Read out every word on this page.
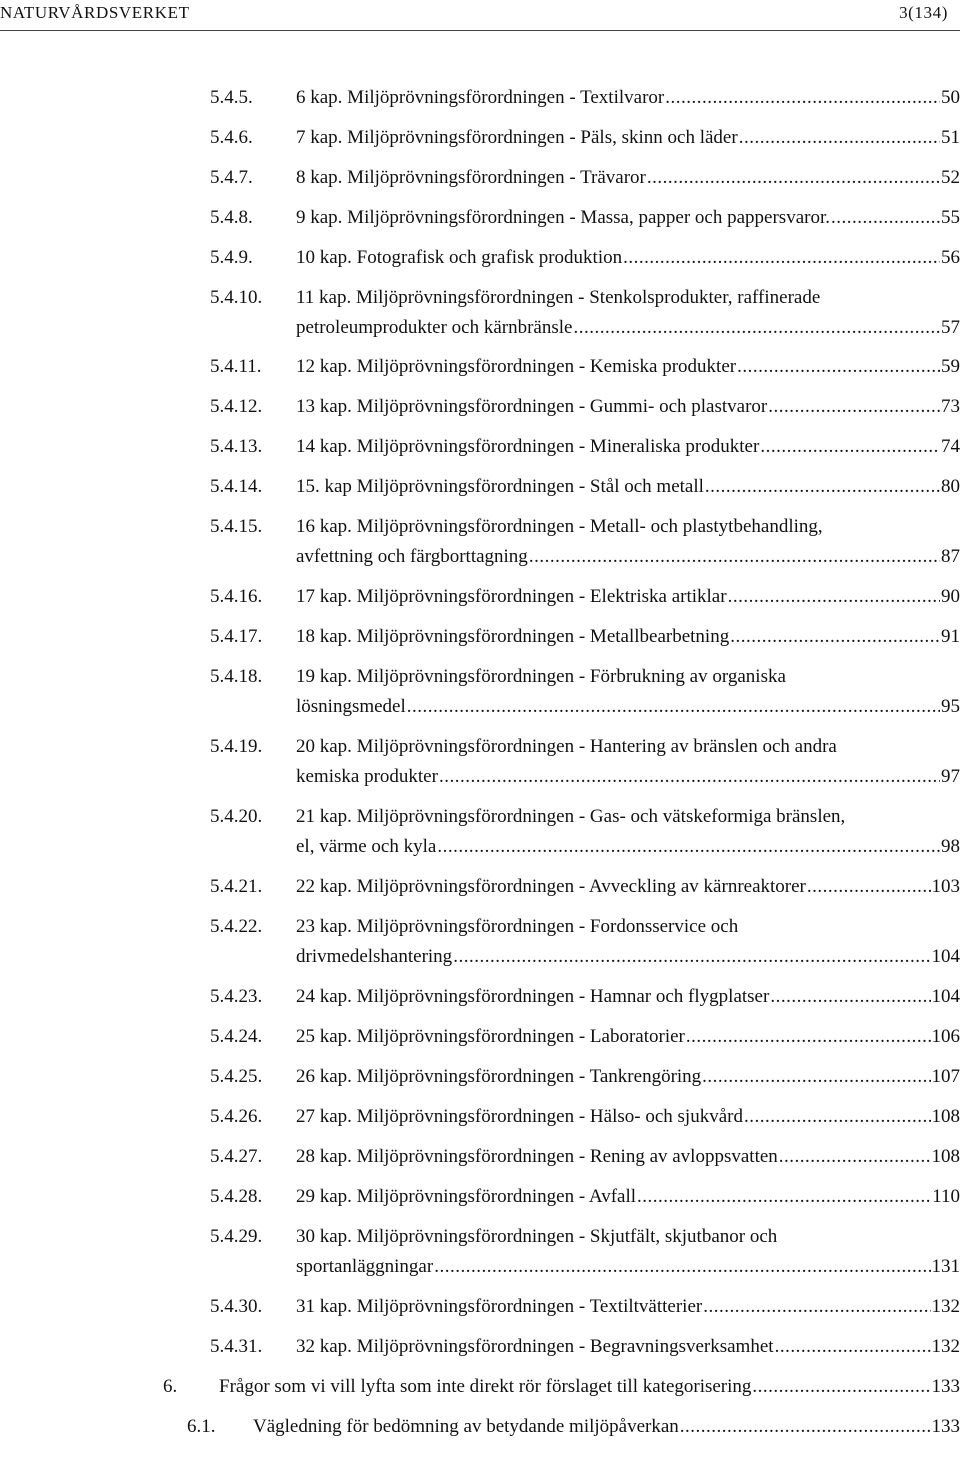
NATURVÅRDSVERKET	3(134)
5.4.5. 6 kap. Miljöprövningsförordningen - Textilvaror .....	50
5.4.6. 7 kap. Miljöprövningsförordningen - Päls, skinn och läder .....	51
5.4.7. 8 kap. Miljöprövningsförordningen - Trävaror .....	52
5.4.8. 9 kap. Miljöprövningsförordningen - Massa, papper och pappersvaror. .....	55
5.4.9. 10 kap. Fotografisk och grafisk produktion .....	56
5.4.10. 11 kap. Miljöprövningsförordningen - Stenkolsprodukter, raffinerade
petroleumprodukter och kärnbränsle .....	57
5.4.11. 12 kap. Miljöprövningsförordningen - Kemiska produkter .....	59
5.4.12. 13 kap. Miljöprövningsförordningen - Gummi- och plastvaror .....	73
5.4.13. 14 kap. Miljöprövningsförordningen - Mineraliska produkter .....	74
5.4.14. 15. kap Miljöprövningsförordningen - Stål och metall .....	80
5.4.15. 16 kap. Miljöprövningsförordningen - Metall- och plastytbehandling,
avfettning och färgborttagning .....	87
5.4.16. 17 kap. Miljöprövningsförordningen - Elektriska artiklar .....	90
5.4.17. 18 kap. Miljöprövningsförordningen - Metallbearbetning .....	91
5.4.18. 19 kap. Miljöprövningsförordningen - Förbrukning av organiska
lösningsmedel .....	95
5.4.19. 20 kap. Miljöprövningsförordningen - Hantering av bränslen och andra
kemiska produkter .....	97
5.4.20. 21 kap. Miljöprövningsförordningen - Gas- och vätskeformiga bränslen,
el, värme och kyla .....	98
5.4.21. 22 kap. Miljöprövningsförordningen - Avveckling av kärnreaktorer .....	103
5.4.22. 23 kap. Miljöprövningsförordningen - Fordonsservice och
drivmedelshantering .....	104
5.4.23. 24 kap. Miljöprövningsförordningen - Hamnar och flygplatser .....	104
5.4.24. 25 kap. Miljöprövningsförordningen - Laboratorier .....	106
5.4.25. 26 kap. Miljöprövningsförordningen - Tankrengöring .....	107
5.4.26. 27 kap. Miljöprövningsförordningen - Hälso- och sjukvård .....	108
5.4.27. 28 kap. Miljöprövningsförordningen - Rening av avloppsvatten .....	108
5.4.28. 29 kap. Miljöprövningsförordningen - Avfall .....	110
5.4.29. 30 kap. Miljöprövningsförordningen - Skjutfält, skjutbanor och
sportanläggningar .....	131
5.4.30. 31 kap. Miljöprövningsförordningen - Textiltvätterier .....	132
5.4.31. 32 kap. Miljöprövningsförordningen - Begravningsverksamhet .....	132
6. Frågor som vi vill lyfta som inte direkt rör förslaget till kategorisering .....	133
6.1. Vägledning för bedömning av betydande miljöpåverkan .....	133
